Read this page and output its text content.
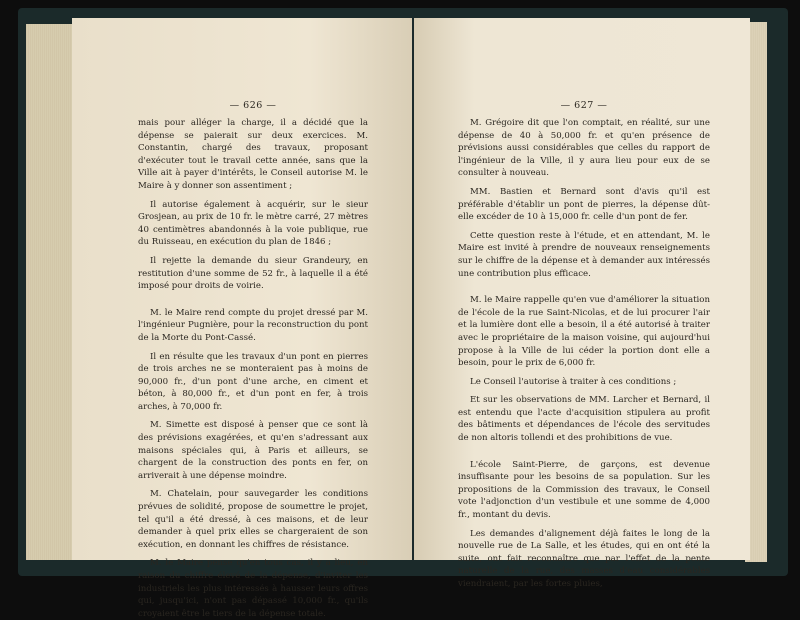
— 626 —

mais pour alléger la charge, il a décidé que la dépense se paierait sur deux exercices. M. Constantin, chargé des travaux, proposant d'exécuter tout le travail cette année, sans que la Ville ait à payer d'intérêts, le Conseil autorise M. le Maire à y donner son assentiment ;

Il autorise également à acquérir, sur le sieur Grosjean, au prix de 10 fr. le mètre carré, 27 mètres 40 centimètres abandonnés à la voie publique, rue du Ruisseau, en exécution du plan de 1846 ;

Il rejette la demande du sieur Grandeury, en restitution d'une somme de 52 fr., à laquelle il a été imposé pour droits de voirie.

M. le Maire rend compte du projet dressé par M. l'ingénieur Pugnière, pour la reconstruction du pont de la Morte du Pont-Cassé.

Il en résulte que les travaux d'un pont en pierres de trois arches ne se monteraient pas à moins de 90,000 fr., d'un pont d'une arche, en ciment et béton, à 80,000 fr., et d'un pont en fer, à trois arches, à 70,000 fr.

M. Simette est disposé à penser que ce sont là des prévisions exagérées, et qu'en s'adressant aux maisons spéciales qui, à Paris et ailleurs, se chargent de la construction des ponts en fer, on arriverait à une dépense moindre.

M. Chatelain, pour sauvegarder les conditions prévues de solidité, propose de soumettre le projet, tel qu'il a été dressé, à ces maisons, et de leur demander à quel prix elles se chargeraient de son exécution, en donnant les chiffres de résistance.

M. le Maire pense qu'en tous cas, il y a lieu, en raison du chiffre élevé de la dépense, d'inviter les industriels les plus intéressés à hausser leurs offres qui, jusqu'ici, n'ont pas dépassé 10,000 fr., qu'ils croyaient être le tiers de la dépense totale.

— 627 —

M. Grégoire dit que l'on comptait, en réalité, sur une dépense de 40 à 50,000 fr. et qu'en présence de prévisions aussi considérables que celles du rapport de l'ingénieur de la Ville, il y aura lieu pour eux de se consulter à nouveau.

MM. Bastien et Bernard sont d'avis qu'il est préférable d'établir un pont de pierres, la dépense dût-elle excéder de 10 à 15,000 fr. celle d'un pont de fer.

Cette question reste à l'étude, et en attendant, M. le Maire est invité à prendre de nouveaux renseignements sur le chiffre de la dépense et à demander aux intéressés une contribution plus efficace.

M. le Maire rappelle qu'en vue d'améliorer la situation de l'école de la rue Saint-Nicolas, et de lui procurer l'air et la lumière dont elle a besoin, il a été autorisé à traiter avec le propriétaire de la maison voisine, qui aujourd'hui propose à la Ville de lui céder la portion dont elle a besoin, pour le prix de 6,000 fr.

Le Conseil l'autorise à traiter à ces conditions ;

Et sur les observations de MM. Larcher et Bernard, il est entendu que l'acte d'acquisition stipulera au profit des bâtiments et dépendances de l'école des servitudes de non altoris tollendi et des prohibitions de vue.

L'école Saint-Pierre, de garçons, est devenue insuffisante pour les besoins de sa population. Sur les propositions de la Commission des travaux, le Conseil vote l'adjonction d'un vestibule et une somme de 4,000 fr., montant du devis.

Les demandes d'alignement déjà faites le long de la nouvelle rue de La Salle, et les études, qui en ont été la suite, ont fait reconnaître que par l'effet de la pente naturelle de la rue, des masses d'eau considérables viendraient, par les fortes pluies,
